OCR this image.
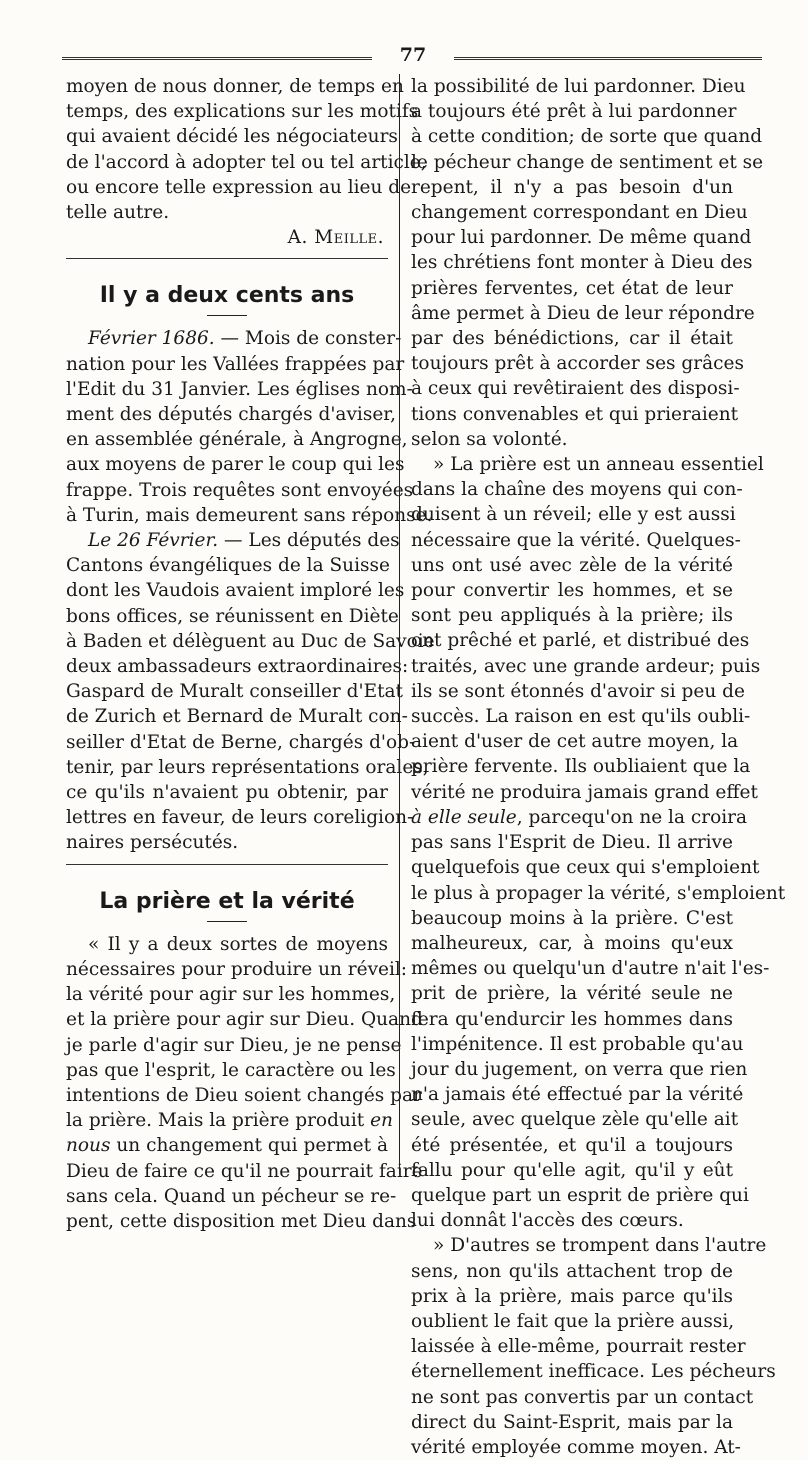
77
moyen de nous donner, de temps en
temps, des explications sur les motifs
qui avaient décidé les négociateurs
de l'accord à adopter tel ou tel article,
ou encore telle expression au lieu de
telle autre.
A. Meille.
Il y a deux cents ans
Février 1686. — Mois de conster-
nation pour les Vallées frappées par
l'Edit du 31 Janvier. Les églises nom-
ment des députés chargés d'aviser,
en assemblée générale, à Angrogne,
aux moyens de parer le coup qui les
frappe. Trois requêtes sont envoyées
à Turin, mais demeurent sans réponse.
Le 26 Février. — Les députés des
Cantons évangéliques de la Suisse
dont les Vaudois avaient imploré les
bons offices, se réunissent en Diète
à Baden et délèguent au Duc de Savoie
deux ambassadeurs extraordinaires:
Gaspard de Muralt conseiller d'Etat
de Zurich et Bernard de Muralt con-
seiller d'Etat de Berne, chargés d'ob-
tenir, par leurs représentations orales,
ce qu'ils n'avaient pu obtenir, par
lettres en faveur, de leurs coreligion-
naires persécutés.
La prière et la vérité
« Il y a deux sortes de moyens
nécessaires pour produire un réveil:
la vérité pour agir sur les hommes,
et la prière pour agir sur Dieu. Quand
je parle d'agir sur Dieu, je ne pense
pas que l'esprit, le caractère ou les
intentions de Dieu soient changés par
la prière. Mais la prière produit en
nous un changement qui permet à
Dieu de faire ce qu'il ne pourrait faire
sans cela. Quand un pécheur se re-
pent, cette disposition met Dieu dans
la possibilité de lui pardonner. Dieu
a toujours été prêt à lui pardonner
à cette condition; de sorte que quand
le pécheur change de sentiment et se
repent, il n'y a pas besoin d'un
changement correspondant en Dieu
pour lui pardonner. De même quand
les chrétiens font monter à Dieu des
prières ferventes, cet état de leur
âme permet à Dieu de leur répondre
par des bénédictions, car il était
toujours prêt à accorder ses grâces
à ceux qui revêtiraient des disposi-
tions convenables et qui prieraient
selon sa volonté.
» La prière est un anneau essentiel
dans la chaîne des moyens qui con-
duisent à un réveil; elle y est aussi
nécessaire que la vérité. Quelques-
uns ont usé avec zèle de la vérité
pour convertir les hommes, et se
sont peu appliqués à la prière; ils
ont prêché et parlé, et distribué des
traités, avec une grande ardeur; puis
ils se sont étonnés d'avoir si peu de
succès. La raison en est qu'ils oubli-
aient d'user de cet autre moyen, la
prière fervente. Ils oubliaient que la
vérité ne produira jamais grand effet
à elle seule, parcequ'on ne la croira
pas sans l'Esprit de Dieu. Il arrive
quelquefois que ceux qui s'emploient
le plus à propager la vérité, s'emploient
beaucoup moins à la prière. C'est
malheureux, car, à moins qu'eux
mêmes ou quelqu'un d'autre n'ait l'es-
prit de prière, la vérité seule ne
fera qu'endurcir les hommes dans
l'impénitence. Il est probable qu'au
jour du jugement, on verra que rien
n'a jamais été effectué par la vérité
seule, avec quelque zèle qu'elle ait
été présentée, et qu'il a toujours
fallu pour qu'elle agit, qu'il y eût
quelque part un esprit de prière qui
lui donnât l'accès des cœurs.
» D'autres se trompent dans l'autre
sens, non qu'ils attachent trop de
prix à la prière, mais parce qu'ils
oublient le fait que la prière aussi,
laissée à elle-même, pourrait rester
éternellement inefficace. Les pécheurs
ne sont pas convertis par un contact
direct du Saint-Esprit, mais par la
vérité employée comme moyen. At-
